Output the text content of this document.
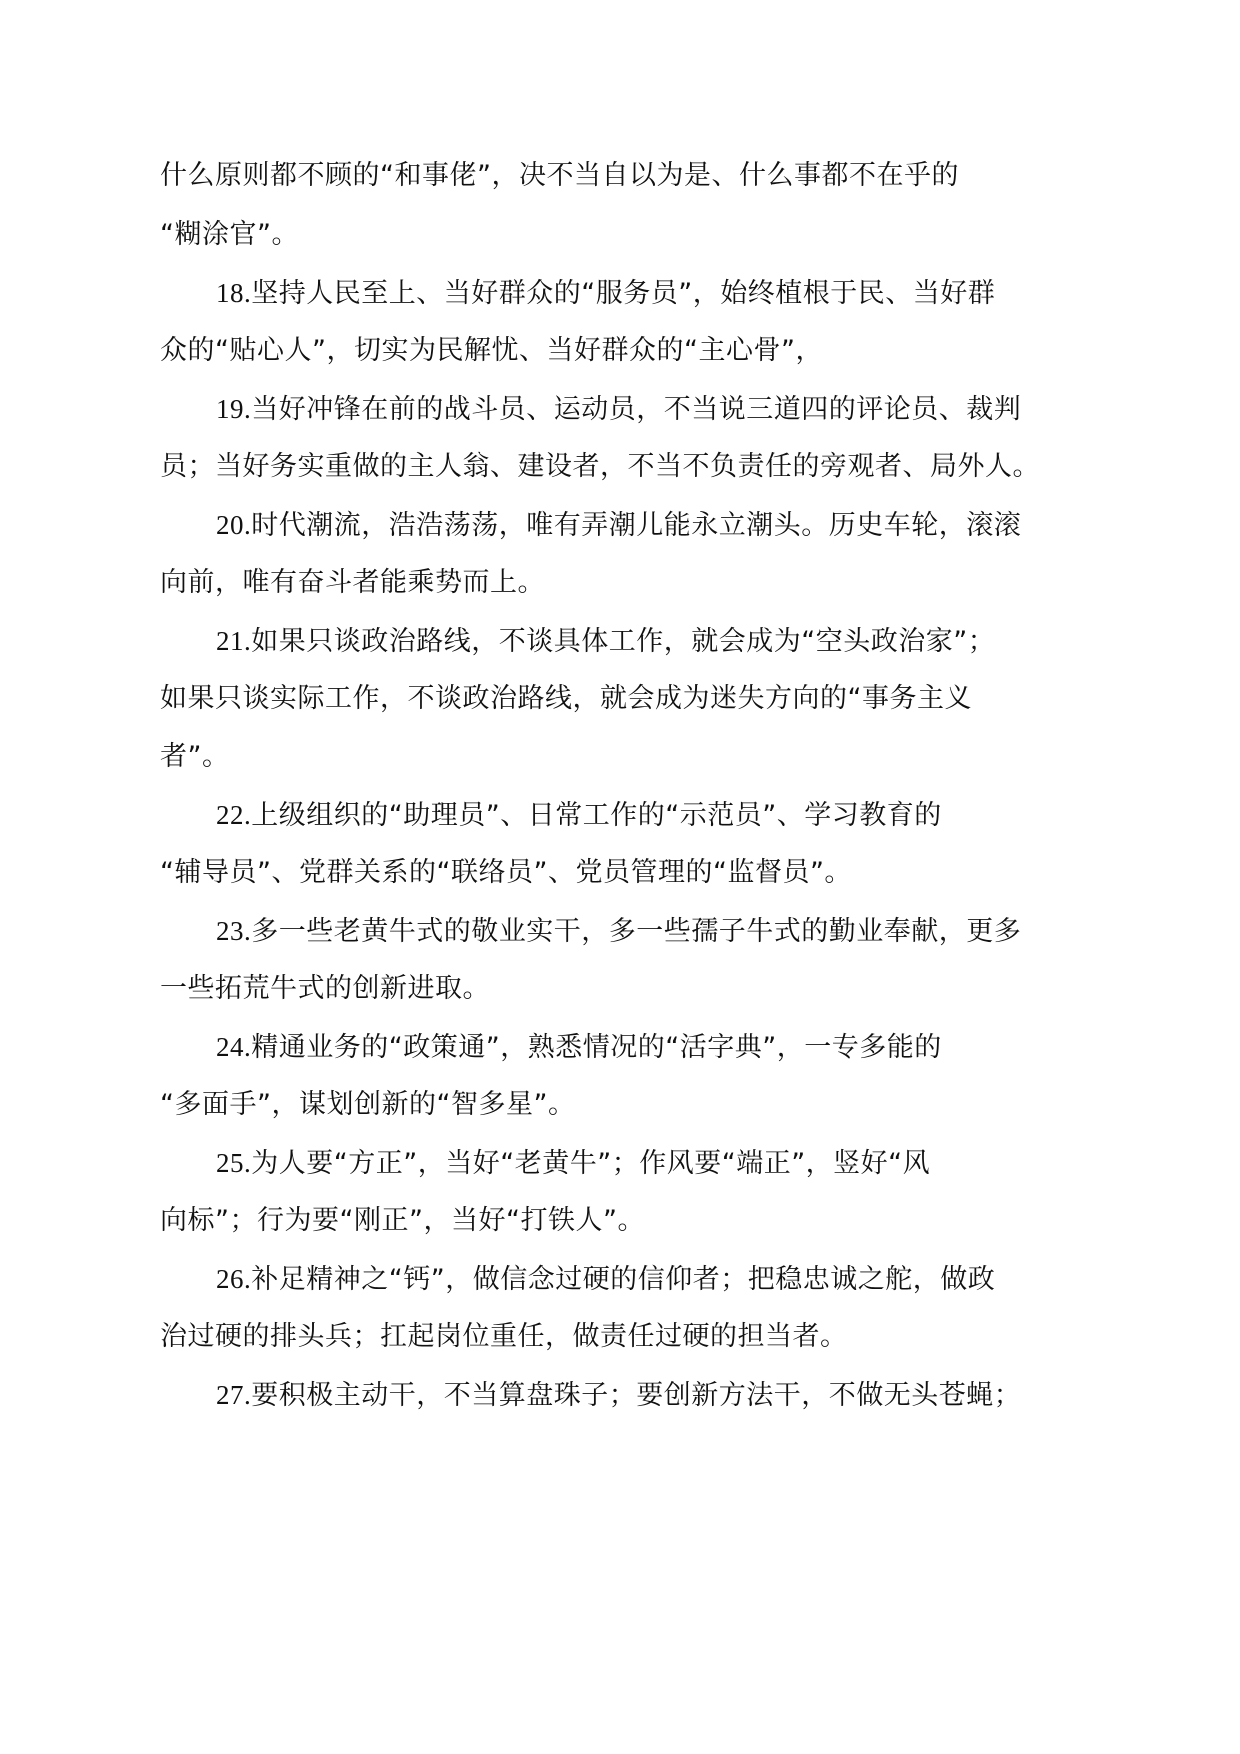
什么原则都不顾的“和事佬”，决不当自以为是、什么事都不在乎的
“糊涂官”。
18.坚持人民至上、当好群众的“服务员”，始终植根于民、当好群
众的“贴心人”，切实为民解忧、当好群众的“主心骨”，
19.当好冲锋在前的战斗员、运动员，不当说三道四的评论员、裁判
员；当好务实重做的主人翁、建设者，不当不负责任的旁观者、局外人。
20.时代潮流，浩浩荡荡，唯有弄潮儿能永立潮头。历史车轮，滚滚
向前，唯有奋斗者能乘势而上。
21.如果只谈政治路线，不谈具体工作，就会成为“空头政治家”；
如果只谈实际工作，不谈政治路线，就会成为迷失方向的“事务主义
者”。
22.上级组织的“助理员”、日常工作的“示范员”、学习教育的
“辅导员”、党群关系的“联络员”、党员管理的“监督员”。
23.多一些老黄牛式的敬业实干，多一些孺子牛式的勤业奉献，更多
一些拓荒牛式的创新进取。
24.精通业务的“政策通”，熟悉情况的“活字典”，一专多能的
“多面手”，谋划创新的“智多星”。
25.为人要“方正”，当好“老黄牛”；作风要“端正”，竖好“风
向标”；行为要“刚正”，当好“打铁人”。
26.补足精神之“钙”，做信念过硬的信仰者；把稳忠诚之舵，做政
治过硬的排头兵；扛起岗位重任，做责任过硬的担当者。
27.要积极主动干，不当算盘珠子；要创新方法干，不做无头苍蝇；
